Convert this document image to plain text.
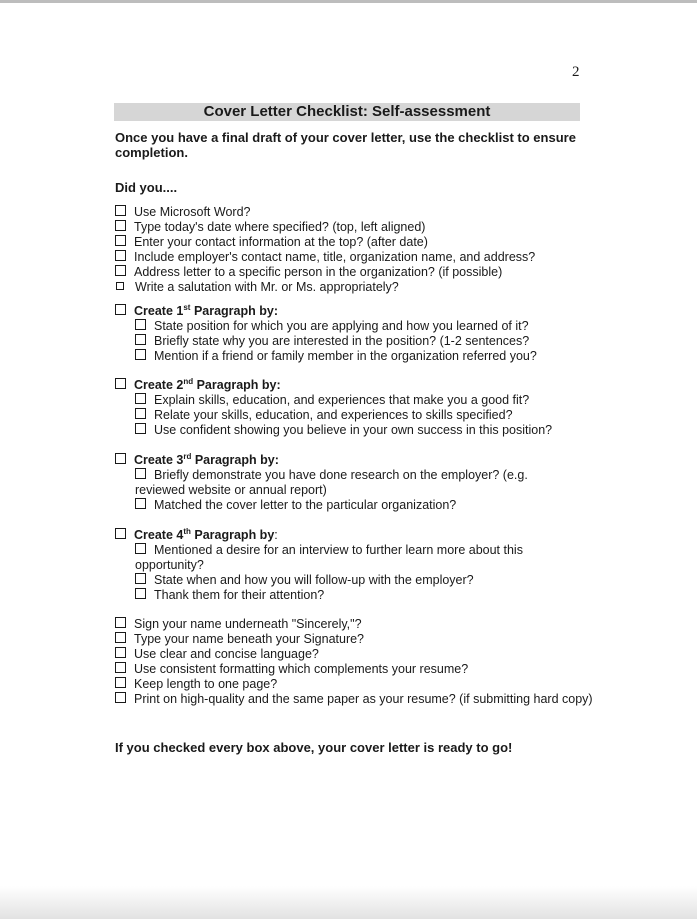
2
Cover Letter Checklist: Self-assessment
Once you have a final draft of your cover letter, use the checklist to ensure completion.
Did you....
Use Microsoft Word?
Type today's date where specified? (top, left aligned)
Enter your contact information at the top? (after date)
Include employer's contact name, title, organization name, and address?
Address letter to a specific person in the organization? (if possible)
Write a salutation with Mr. or Ms. appropriately?
Create 1st Paragraph by:
State position for which you are applying and how you learned of it?
Briefly state why you are interested in the position? (1-2 sentences?
Mention if a friend or family member in the organization referred you?
Create 2nd Paragraph by:
Explain skills, education, and experiences that make you a good fit?
Relate your skills, education, and experiences to skills specified?
Use confident showing you believe in your own success in this position?
Create 3rd Paragraph by:
Briefly demonstrate you have done research on the employer? (e.g. reviewed website or annual report)
Matched the cover letter to the particular organization?
Create 4th Paragraph by:
Mentioned a desire for an interview to further learn more about this opportunity?
State when and how you will follow-up with the employer?
Thank them for their attention?
Sign your name underneath "Sincerely,"?
Type your name beneath your Signature?
Use clear and concise language?
Use consistent formatting which complements your resume?
Keep length to one page?
Print on high-quality and the same paper as your resume? (if submitting hard copy)
If you checked every box above, your cover letter is ready to go!
